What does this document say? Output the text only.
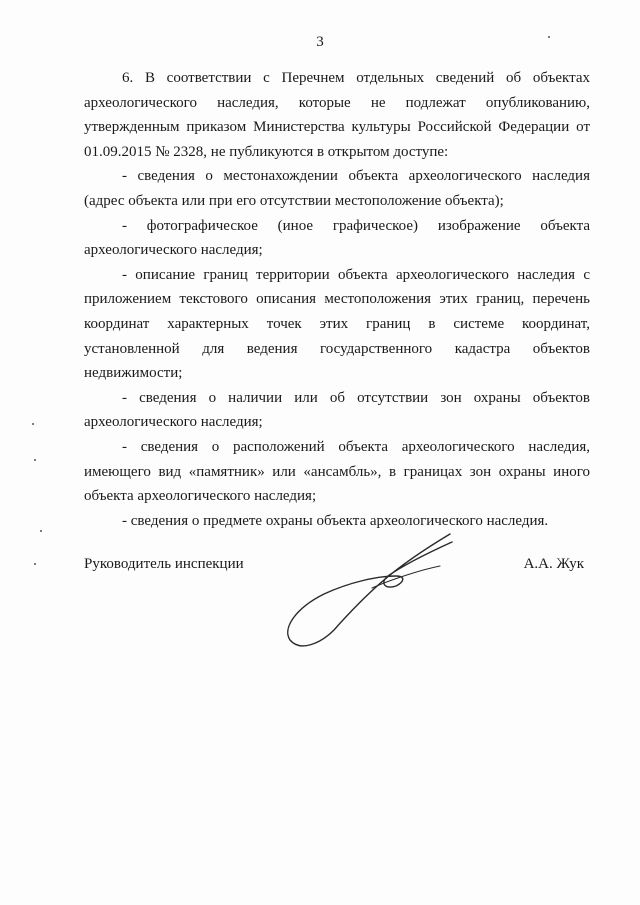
3

6. В соответствии с Перечнем отдельных сведений об объектах археологического наследия, которые не подлежат опубликованию, утвержденным приказом Министерства культуры Российской Федерации от 01.09.2015 № 2328, не публикуются в открытом доступе:

- сведения о местонахождении объекта археологического наследия (адрес объекта или при его отсутствии местоположение объекта);

- фотографическое (иное графическое) изображение объекта археологического наследия;

- описание границ территории объекта археологического наследия с приложением текстового описания местоположения этих границ, перечень координат характерных точек этих границ в системе координат, установленной для ведения государственного кадастра объектов недвижимости;

- сведения о наличии или об отсутствии зон охраны объектов археологического наследия;

- сведения о расположений объекта археологического наследия, имеющего вид «памятник» или «ансамбль», в границах зон охраны иного объекта археологического наследия;

- сведения о предмете охраны объекта археологического наследия.

Руководитель инспекции	А.А. Жук
